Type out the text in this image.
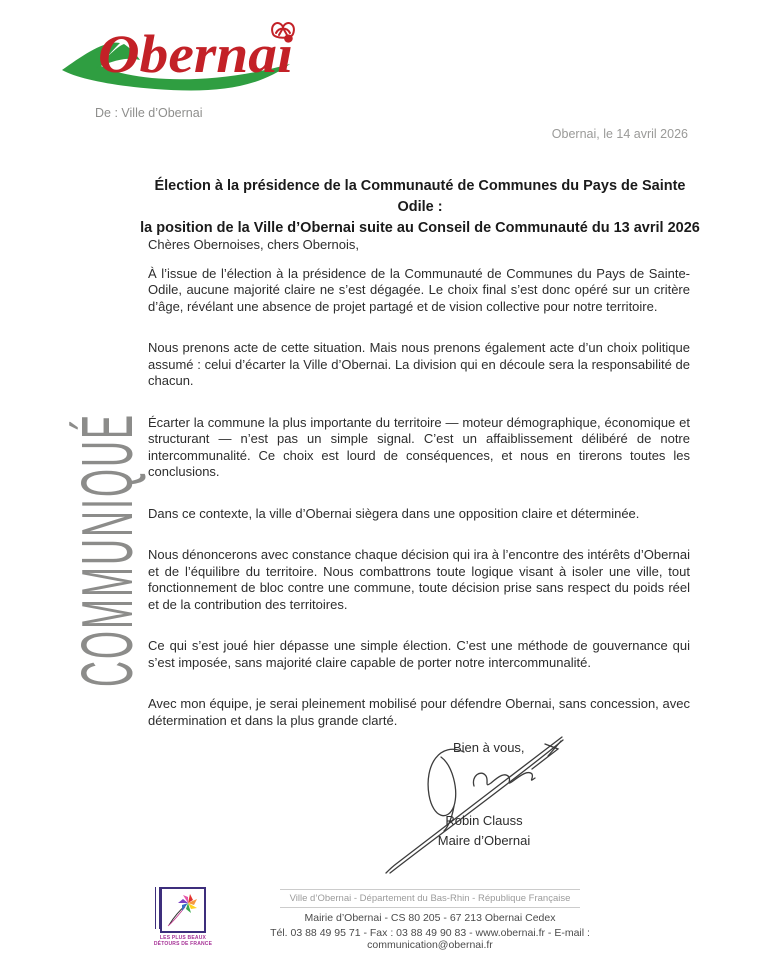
Obernai
De : Ville d’Obernai
Obernai, le 14 avril 2026
Élection à la présidence de la Communauté de Communes du Pays de Sainte Odile :
la position de la Ville d’Obernai suite au Conseil de Communauté du 13 avril 2026
COMMUNIQUÉ

Chères Obernoises, chers Obernois,

À l’issue de l’élection à la présidence de la Communauté de Communes du Pays de Sainte-Odile, aucune majorité claire ne s’est dégagée. Le choix final s’est donc opéré sur un critère d’âge, révélant une absence de projet partagé et de vision collective pour notre territoire.

Nous prenons acte de cette situation. Mais nous prenons également acte d’un choix politique assumé : celui d’écarter la Ville d’Obernai. La division qui en découle sera la responsabilité de chacun.

Écarter la commune la plus importante du territoire — moteur démographique, économique et structurant — n’est pas un simple signal. C’est un affaiblissement délibéré de notre intercommunalité. Ce choix est lourd de conséquences, et nous en tirerons toutes les conclusions.

Dans ce contexte, la ville d’Obernai siègera dans une opposition claire et déterminée.

Nous dénoncerons avec constance chaque décision qui ira à l’encontre des intérêts d’Obernai et de l’équilibre du territoire. Nous combattrons toute logique visant à isoler une ville, tout fonctionnement de bloc contre une commune, toute décision prise sans respect du poids réel et de la contribution des territoires.

Ce qui s’est joué hier dépasse une simple élection. C’est une méthode de gouvernance qui s’est imposée, sans majorité claire capable de porter notre intercommunalité.

Avec mon équipe, je serai pleinement mobilisé pour défendre Obernai, sans concession, avec détermination et dans la plus grande clarté.

Bien à vous,
Robin Clauss
Maire d’Obernai
LES PLUS BEAUX DÉTOURS DE FRANCE
Ville d’Obernai - Département du Bas-Rhin - République Française
Mairie d’Obernai - CS 80 205 - 67 213 Obernai Cedex
Tél. 03 88 49 95 71 - Fax : 03 88 49 90 83 - www.obernai.fr - E-mail : communication@obernai.fr
